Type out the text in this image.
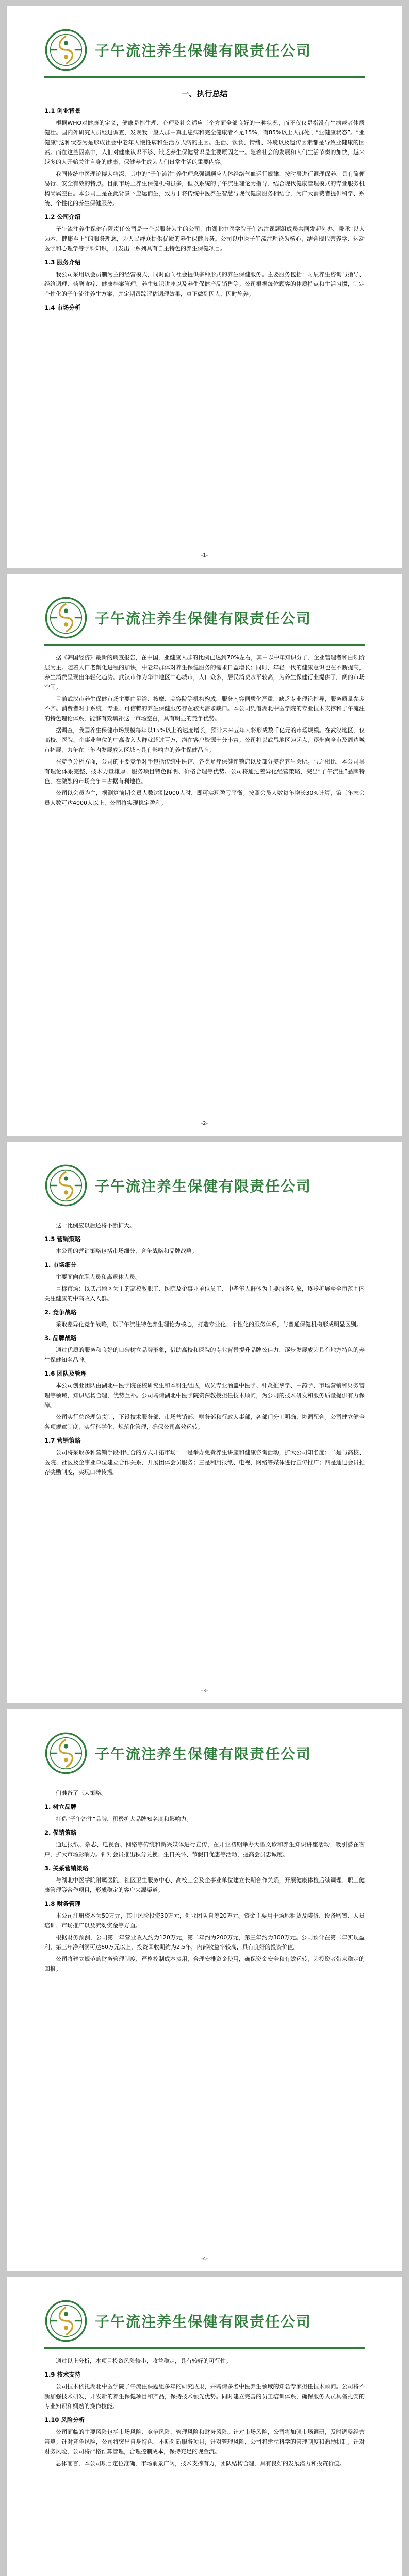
子午流注养生保健有限责任公司
一、执行总结
1.1 创业背景

根据WHO对健康的定义，健康是指生理、心理及社会适应三个方面全部良好的一种状况，而不仅仅是指没有生病或者体质健壮。国内外研究人员经过调查，发现我一般人群中真正患病和完全健康者不足15%，有85%以上人群处于“亚健康状态”。“亚健康”这种状态为是形成社会中老年人慢性病和生活方式病的主因。生活、饮食、情绪、环境以及遗传因素都是导致亚健康的因素。而在这些因素中，人们对健康认识不够、缺乏养生保健常识是主要原因之一。随着社会的发展和人们生活节奏的加快，越来越多的人开始关注自身的健康，保健养生成为人们日常生活的重要内容。

我国传统中医理论博大精深，其中的“子午流注”养生理念强调顺应人体经络气血运行规律，按时辰进行调理保养，具有简便易行、安全有效的特点。目前市场上养生保健机构虽多，但以系统的子午流注理论为指导、结合现代健康管理模式的专业服务机构尚属空白。本公司正是在此背景下应运而生，致力于将传统中医养生智慧与现代健康服务相结合，为广大消费者提供科学、系统、个性化的养生保健服务。

1.2 公司介绍

子午流注养生保健有限责任公司是一个以服务为主的公司，由湖北中医学院子午流注课题组成员共同发起创办，秉承“以人为本、健康至上”的服务理念，为人民群众提供优质的养生保健服务。公司以中医子午流注理论为核心，结合现代营养学、运动医学和心理学等学科知识，开发出一系列具有自主特色的养生保健项目。

1.3 服务介绍

我公司采用以会员制为主的经营模式，同时面向社会提供多种形式的养生保健服务。主要服务包括：时辰养生咨询与指导、经络调理、药膳食疗、健康档案管理、养生知识讲座以及养生保健产品销售等。公司根据每位顾客的体质特点和生活习惯，制定个性化的子午流注养生方案，并定期跟踪评估调理效果，真正做到因人、因时施养。

1.4 市场分析
-1-
子午流注养生保健有限责任公司

据《韩国经济》最新的调查报告，在中国，亚健康人群的比例已达到70%左右，其中以中年知识分子、企业管理者和白领阶层为主。随着人口老龄化进程的加快，中老年群体对养生保健服务的需求日益增长；同时，年轻一代的健康意识也在不断提高，养生消费呈现出年轻化趋势。武汉市作为华中地区中心城市，人口众多，居民消费水平较高，为养生保健行业提供了广阔的市场空间。

目前武汉市养生保健市场主要由足浴、按摩、美容院等机构构成，服务内容同质化严重，缺乏专业理论指导，服务质量参差不齐。消费者对于系统、专业、可信赖的养生保健服务存在较大需求缺口。本公司凭借湖北中医学院的专业技术支撑和子午流注的特色理论体系，能够有效填补这一市场空白，具有明显的竞争优势。

据调查，我国养生保健市场规模每年以15%以上的速度增长，预计未来五年内将形成数千亿元的市场规模。在武汉地区，仅高校、医院、企事业单位的中高收入人群就超过百万，潜在客户资源十分丰富。公司将以武昌地区为起点，逐步向全市及周边城市拓展，力争在三年内发展成为区域内具有影响力的养生保健品牌。

在竞争分析方面，公司的主要竞争对手包括传统中医馆、各类足疗保健连锁店以及部分美容养生会所。与之相比，本公司具有理论体系完整、技术力量雄厚、服务项目特色鲜明、价格合理等优势。公司将通过差异化经营策略，突出“子午流注”品牌特色，在激烈的市场竞争中占据有利地位。

公司以会员为主，据测算前期会员人数达到2000人时，即可实现盈亏平衡。按照会员人数每年增长30%计算，第三年末会员人数可达4000人以上，公司将实现稳定盈利。

-2-
子午流注养生保健有限责任公司

这一比例应以后还将不断扩大。

1.5 营销策略

本公司的营销策略包括市场细分、竞争战略和品牌战略。

1. 市场细分

主要面向在职人员和离退休人员。

目标市场：以武昌地区为主的高校教职工、医院及企事业单位员工、中老年人群体为主要服务对象，逐步扩展至全市范围内关注健康的中高收入人群。

2. 竞争战略

采取差异化竞争战略，以子午流注特色养生理论为核心，打造专业化、个性化的服务体系，与普通保健机构形成明显区别。

3. 品牌战略

通过优质的服务和良好的口碑树立品牌形象，借助高校和医院的专业背景提升品牌公信力，逐步发展成为具有地方特色的养生保健知名品牌。

1.6 团队及管理

本公司创业团队由湖北中医学院在校研究生和本科生组成，成员专业涵盖中医学、针灸推拿学、中药学、市场营销和财务管理等领域，知识结构合理，优势互补。公司聘请湖北中医学院资深教授担任技术顾问，为公司的技术研发和服务质量提供有力保障。

公司实行总经理负责制，下设技术服务部、市场营销部、财务部和行政人事部，各部门分工明确、协调配合。公司建立健全各项规章制度，实行科学化、规范化管理，确保公司高效运转。

1.7 营销策略

公司将采取多种营销手段相结合的方式开拓市场：一是举办免费养生讲座和健康咨询活动，扩大公司知名度；二是与高校、医院、社区及企事业单位建立合作关系，开展团体会员服务；三是利用报纸、电视、网络等媒体进行宣传推广；四是通过会员推荐奖励制度，实现口碑传播。

-3-
子午流注养生保健有限责任公司

们准备了三大策略。

1. 树立品牌

打造“子午流注”品牌，积极扩大品牌知名度和影响力。

2. 促销策略

通过报纸、杂志、电视台、网络等传统和新兴媒体进行宣传，在开业初期举办大型义诊和养生知识讲座活动，吸引潜在客户，扩大市场影响力。针对会员推出积分兑换、生日关怀、节假日优惠等活动，提高会员忠诚度。

3. 关系营销策略

与湖北中医学院附属医院、社区卫生服务中心、高校工会及企事业单位建立长期合作关系，开展健康体检后续调理、职工健康管理等合作项目，形成稳定的客户来源渠道。

1.8 财务管理

本公司注册资本为50万元，其中风险投资30万元，创业团队自筹20万元。资金主要用于场地租赁及装修、设备购置、人员培训、市场推广以及流动资金等方面。

根据财务预测，公司第一年营业收入约为120万元，第二年约为200万元，第三年约为300万元。公司预计在第二年实现盈利，第三年净利润可达60万元以上，投资回收期约为2.5年，内部收益率较高，具有良好的投资价值。

公司将建立规范的财务管理制度，严格控制成本费用，合理安排资金使用，确保资金安全和有效运转，为投资者带来稳定的回报。

-4-
子午流注养生保健有限责任公司

通过以上分析，本项目投资风险较小，收益稳定，具有较好的可行性。

1.9 技术支持

公司技术依托湖北中医学院子午流注课题组多年的研究成果，并聘请多名中医养生领域的知名专家担任技术顾问。公司将不断加强技术研发，开发新的养生保健项目和产品，保持技术领先优势。同时建立完善的员工培训体系，确保服务人员具备扎实的专业知识和娴熟的操作技能。

1.10 风险分析

公司面临的主要风险包括市场风险、竞争风险、管理风险和财务风险。针对市场风险，公司将加强市场调研，及时调整经营策略；针对竞争风险，公司将突出自身特色，不断创新服务项目；针对管理风险，公司将建立科学的管理制度和激励机制；针对财务风险，公司将严格预算管理，合理控制成本，保持充足的现金流。

总体而言，本公司项目定位准确，市场前景广阔，技术支撑有力，团队结构合理，具有良好的发展潜力和投资价值。
